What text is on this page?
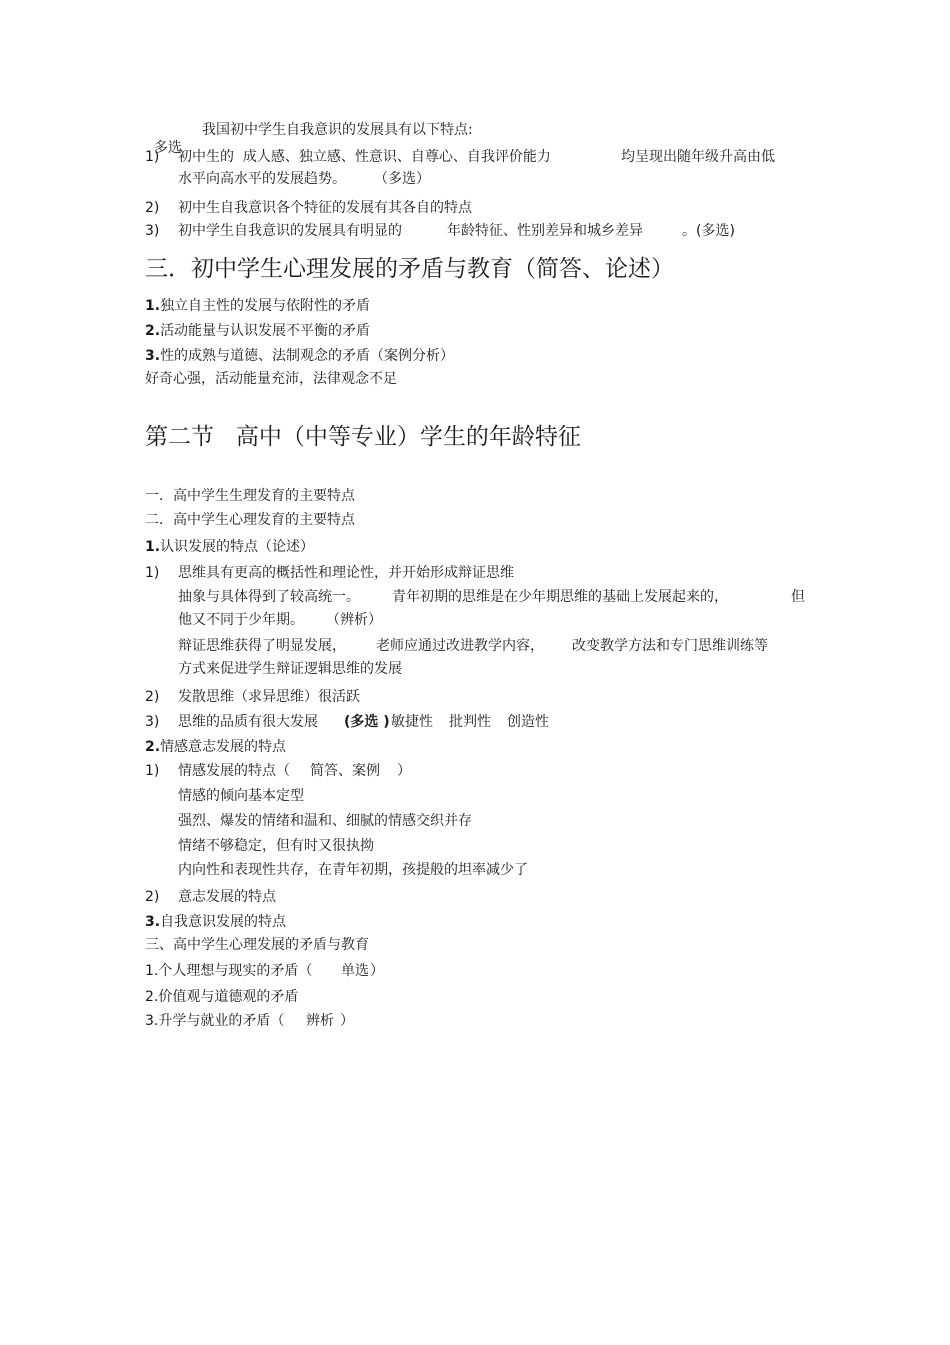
多选

我国初中学生自我意识的发展具有以下特点:
1) 初中生的  成人感、独立感、性意识、自尊心、自我评价能力	均呈现出随年级升高由低
水平向高水平的发展趋势。 （多选）
2) 初中生自我意识各个特征的发展有其各自的特点
3) 初中学生自我意识的发展具有明显的	年龄特征、性别差异和城乡差异	。(多选)
三．初中学生心理发展的矛盾与教育（简答、论述）
1.独立自主性的发展与依附性的矛盾
2.活动能量与认识发展不平衡的矛盾
3.性的成熟与道德、法制观念的矛盾（案例分析）
好奇心强，活动能量充沛，法律观念不足
第二节   高中（中等专业）学生的年龄特征
一．高中学生生理发育的主要特点
二．高中学生心理发育的主要特点
1.认识发展的特点（论述）
1) 思维具有更高的概括性和理论性，并开始形成辩证思维
抽象与具体得到了较高统一。 青年初期的思维是在少年期思维的基础上发展起来的，	但
他又不同于少年期。 （辨析）
辩证思维获得了明显发展， 老师应通过改进教学内容， 改变教学方法和专门思维训练等
方式来促进学生辩证逻辑思维的发展
2) 发散思维（求异思维）很活跃
3) 思维的品质有很大发展 (多选 ) 敏捷性 批判性 创造性
2.情感意志发展的特点
1) 情感发展的特点（ 简答、案例 ）
情感的倾向基本定型
强烈、爆发的情绪和温和、细腻的情感交织并存
情绪不够稳定，但有时又很执拗
内向性和表现性共存，在青年初期，孩提般的坦率减少了
2) 意志发展的特点
3.自我意识发展的特点
三、高中学生心理发展的矛盾与教育
1.个人理想与现实的矛盾（ 单选 ）
2.价值观与道德观的矛盾
3.升学与就业的矛盾（ 辨析 ）
